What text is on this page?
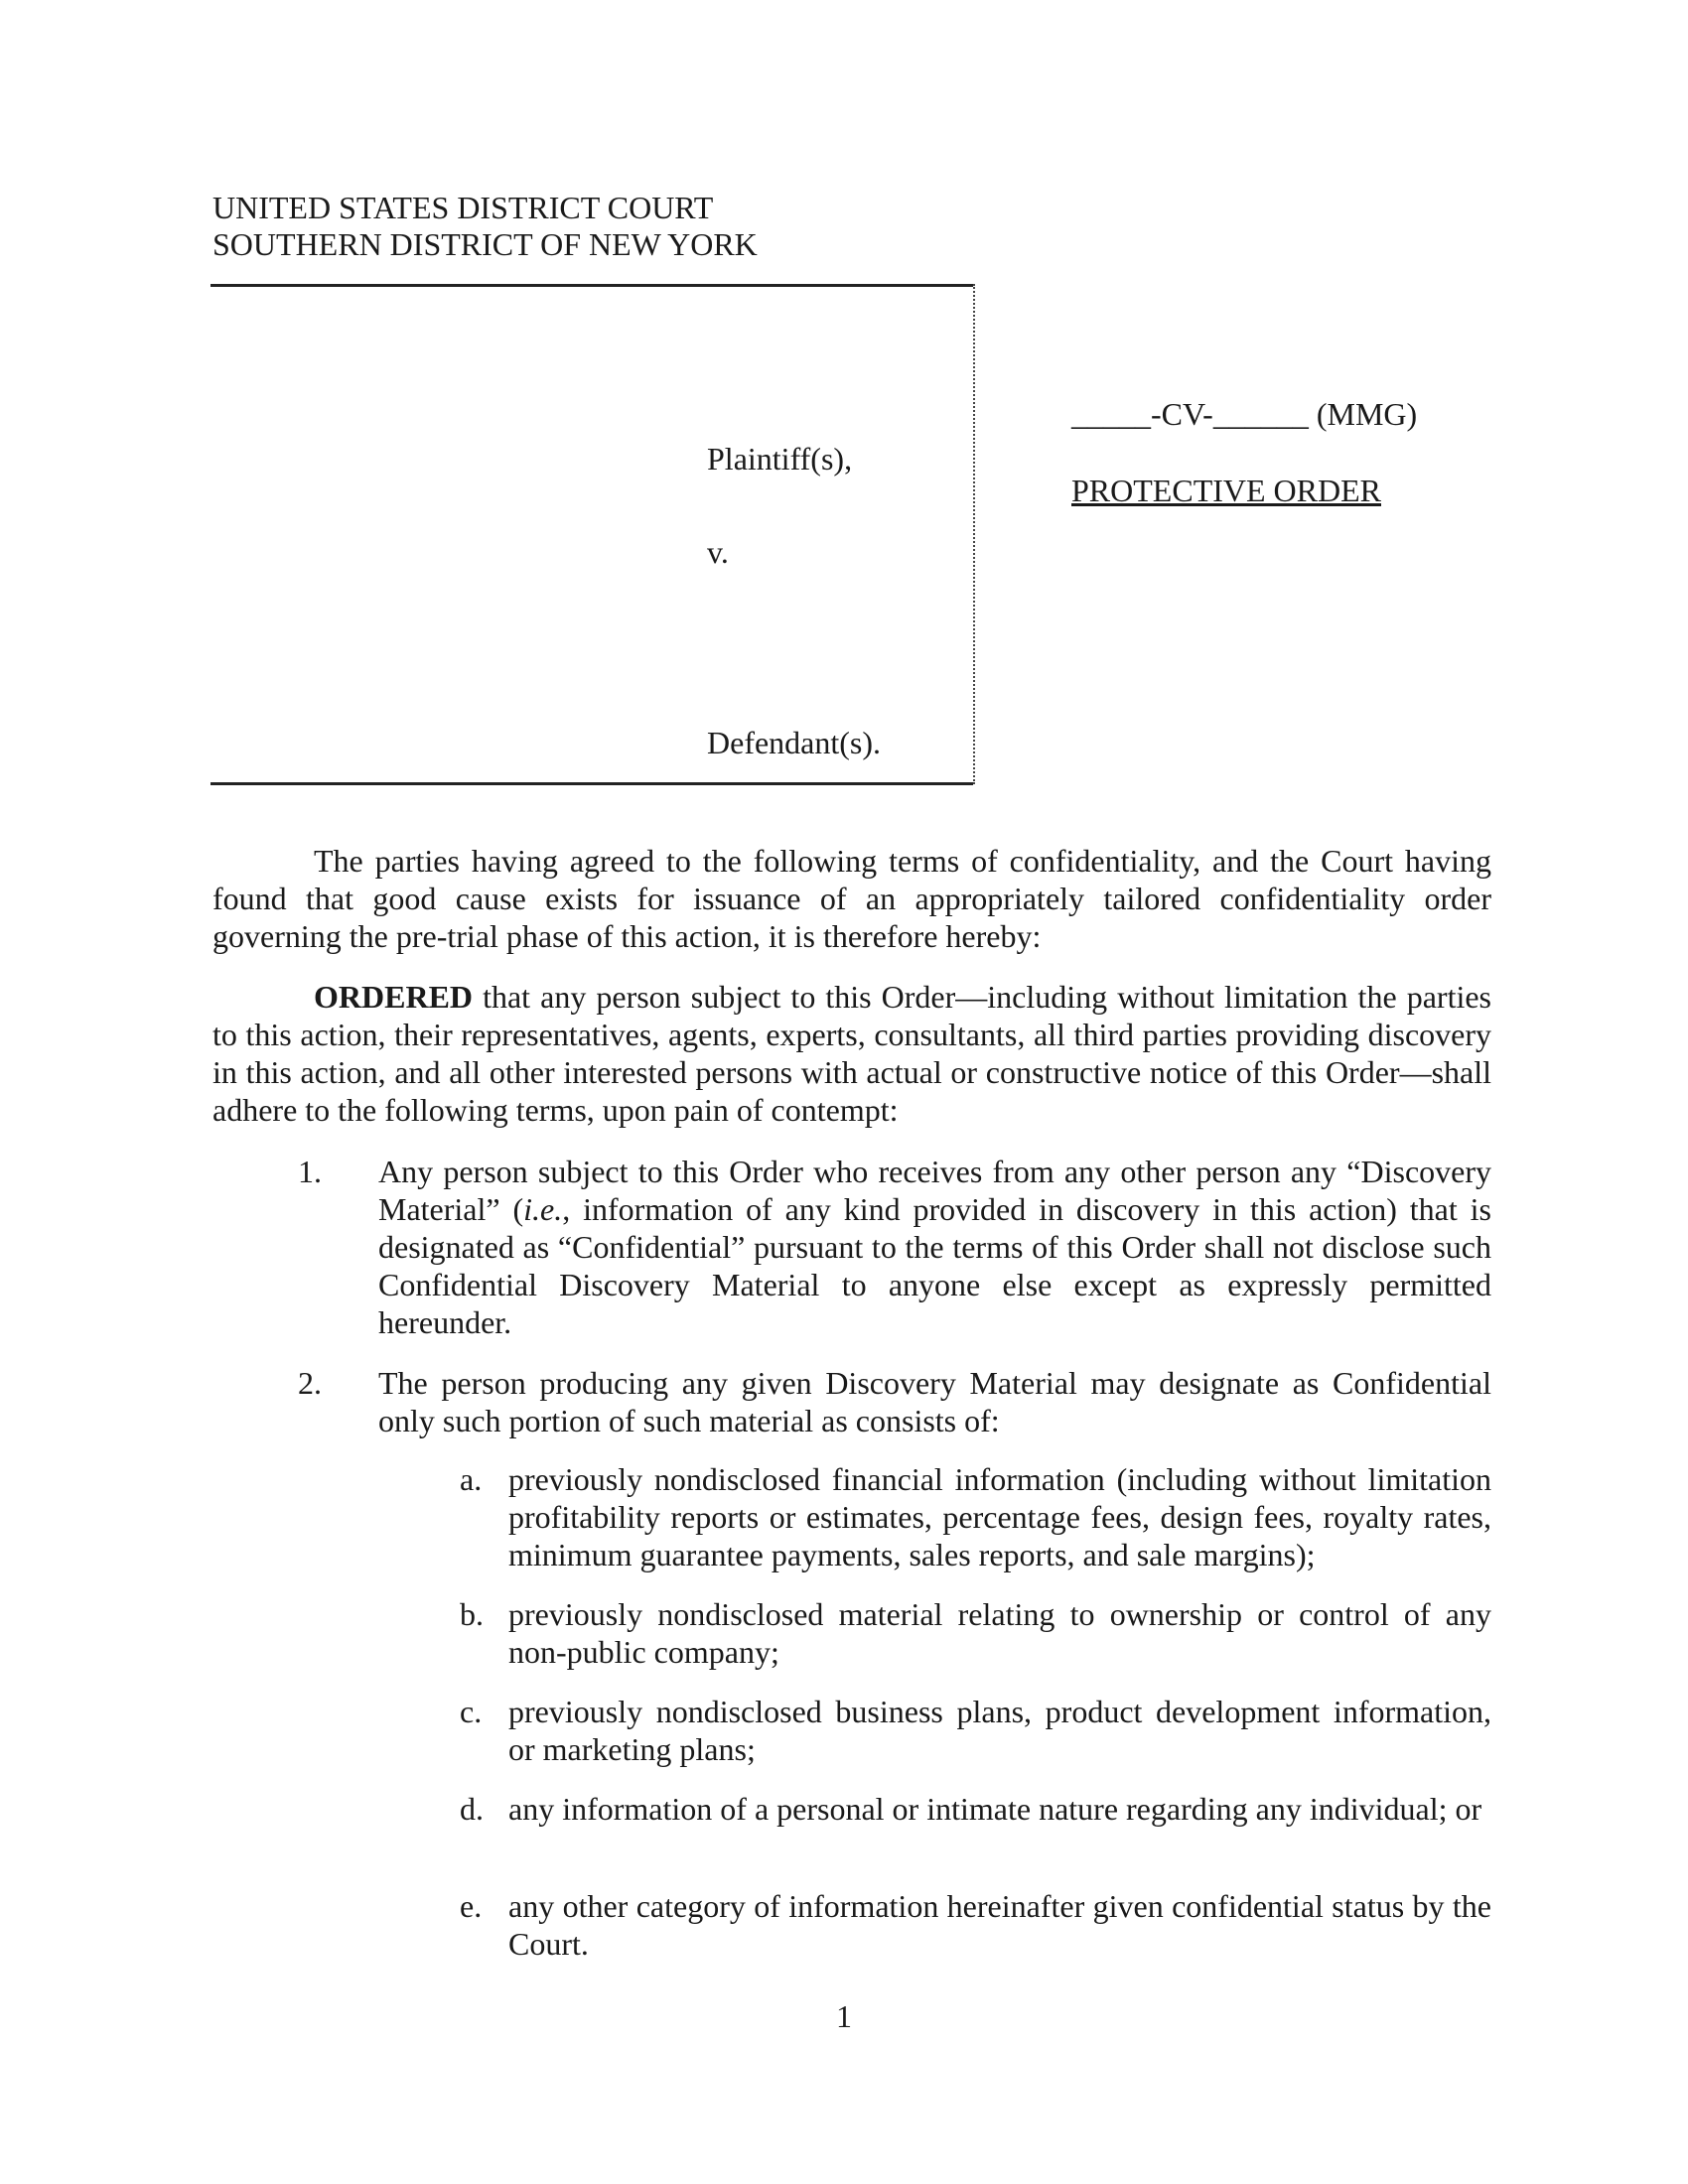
UNITED STATES DISTRICT COURT
SOUTHERN DISTRICT OF NEW YORK
Plaintiff(s),
v.
Defendant(s).
_____-CV-______ (MMG)
PROTECTIVE ORDER
The parties having agreed to the following terms of confidentiality, and the Court having found that good cause exists for issuance of an appropriately tailored confidentiality order governing the pre-trial phase of this action, it is therefore hereby:
ORDERED that any person subject to this Order—including without limitation the parties to this action, their representatives, agents, experts, consultants, all third parties providing discovery in this action, and all other interested persons with actual or constructive notice of this Order—shall adhere to the following terms, upon pain of contempt:
1. Any person subject to this Order who receives from any other person any “Discovery Material” (i.e., information of any kind provided in discovery in this action) that is designated as “Confidential” pursuant to the terms of this Order shall not disclose such Confidential Discovery Material to anyone else except as expressly permitted hereunder.
2. The person producing any given Discovery Material may designate as Confidential only such portion of such material as consists of:
a. previously nondisclosed financial information (including without limitation profitability reports or estimates, percentage fees, design fees, royalty rates, minimum guarantee payments, sales reports, and sale margins);
b. previously nondisclosed material relating to ownership or control of any non-public company;
c. previously nondisclosed business plans, product development information, or marketing plans;
d. any information of a personal or intimate nature regarding any individual; or
e. any other category of information hereinafter given confidential status by the Court.
1
